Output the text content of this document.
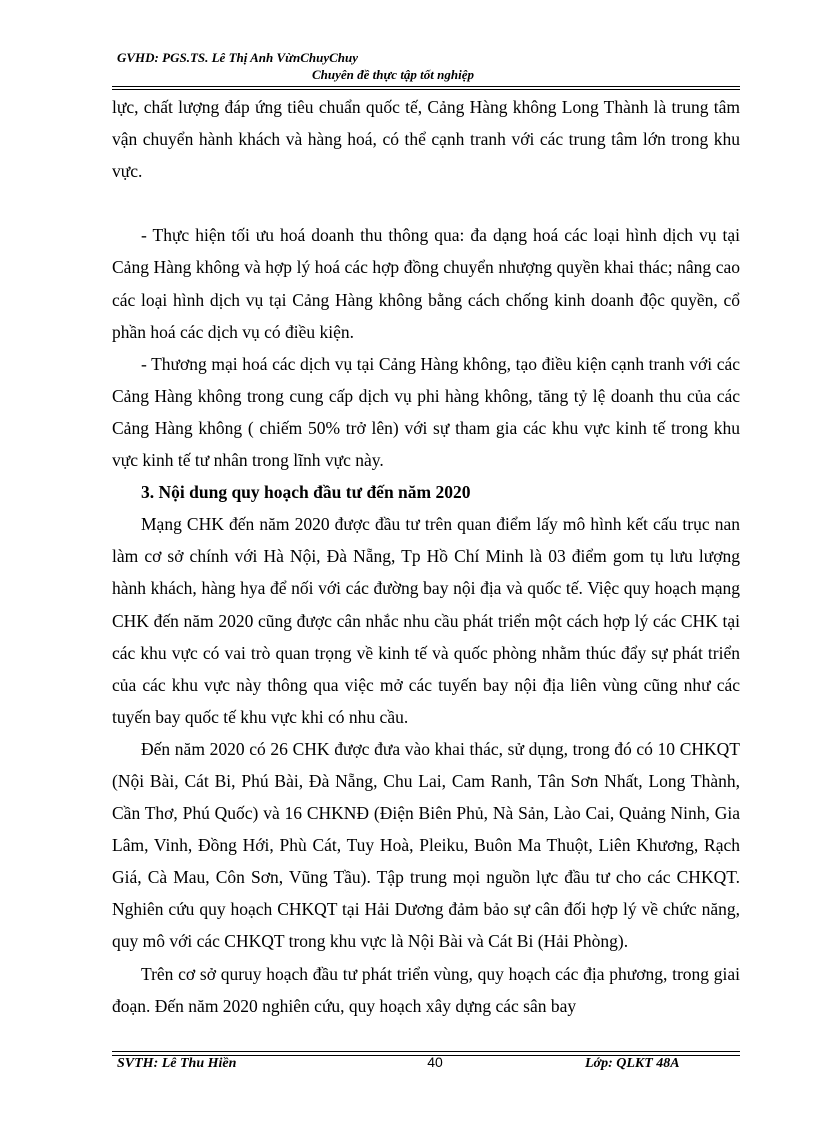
GVHD: PGS.TS. Lê Thị Anh VừnChuyChuy
Chuyên đề thực tập tốt nghiệp

lực, chất lượng đáp ứng tiêu chuẩn quốc tế, Cảng Hàng không Long Thành là trung tâm vận chuyển hành khách và hàng hoá, có thể cạnh tranh với các trung tâm lớn trong khu vực.

- Thực hiện tối ưu hoá doanh thu thông qua: đa dạng hoá các loại hình dịch vụ tại Cảng Hàng không và hợp lý hoá các hợp đồng chuyển nhượng quyền khai thác; nâng cao các loại hình dịch vụ tại Cảng Hàng không bằng cách chống kinh doanh độc quyền, cổ phần hoá các dịch vụ có điều kiện.

- Thương mại hoá các dịch vụ tại Cảng Hàng không, tạo điều kiện cạnh tranh với các Cảng Hàng không trong cung cấp dịch vụ phi hàng không, tăng tỷ lệ doanh thu của các Cảng Hàng không ( chiếm 50% trở lên) với sự tham gia các khu vực kinh tế trong khu vực kinh tế tư nhân trong lĩnh vực này.

3. Nội dung quy hoạch đầu tư đến năm 2020

Mạng CHK đến năm 2020 được đầu tư trên quan điểm lấy mô hình kết cấu trục nan làm cơ sở chính với Hà Nội, Đà Nẵng, Tp Hồ Chí Minh là 03 điểm gom tụ lưu lượng hành khách, hàng hya để nối với các đường bay nội địa và quốc tế. Việc quy hoạch mạng CHK đến năm 2020 cũng được cân nhắc nhu cầu phát triển một cách hợp lý các CHK tại các khu vực có vai trò quan trọng về kinh tế và quốc phòng nhằm thúc đẩy sự phát triển của các khu vực này thông qua việc mở các tuyến bay nội địa liên vùng cũng như các tuyến bay quốc tế khu vực khi có nhu cầu.

Đến năm 2020 có 26 CHK được đưa vào khai thác, sử dụng, trong đó có 10 CHKQT (Nội Bài, Cát Bi, Phú Bài, Đà Nẵng, Chu Lai, Cam Ranh, Tân Sơn Nhất, Long Thành, Cần Thơ, Phú Quốc) và 16 CHKNĐ (Điện Biên Phủ, Nà Sản, Lào Cai, Quảng Ninh, Gia Lâm, Vinh, Đồng Hới, Phù Cát, Tuy Hoà, Pleiku, Buôn Ma Thuột, Liên Khương, Rạch Giá, Cà Mau, Côn Sơn, Vũng Tầu). Tập trung mọi nguồn lực đầu tư cho các CHKQT. Nghiên cứu quy hoạch CHKQT tại Hải Dương đảm bảo sự cân đối hợp lý về chức năng, quy mô với các CHKQT trong khu vực là Nội Bài và Cát Bi (Hải Phòng).

Trên cơ sở quruy hoạch đầu tư phát triển vùng, quy hoạch các địa phương, trong giai đoạn. Đến năm 2020 nghiên cứu, quy hoạch xây dựng các sân bay

SVTH: Lê Thu Hiền	40	Lớp: QLKT 48A
